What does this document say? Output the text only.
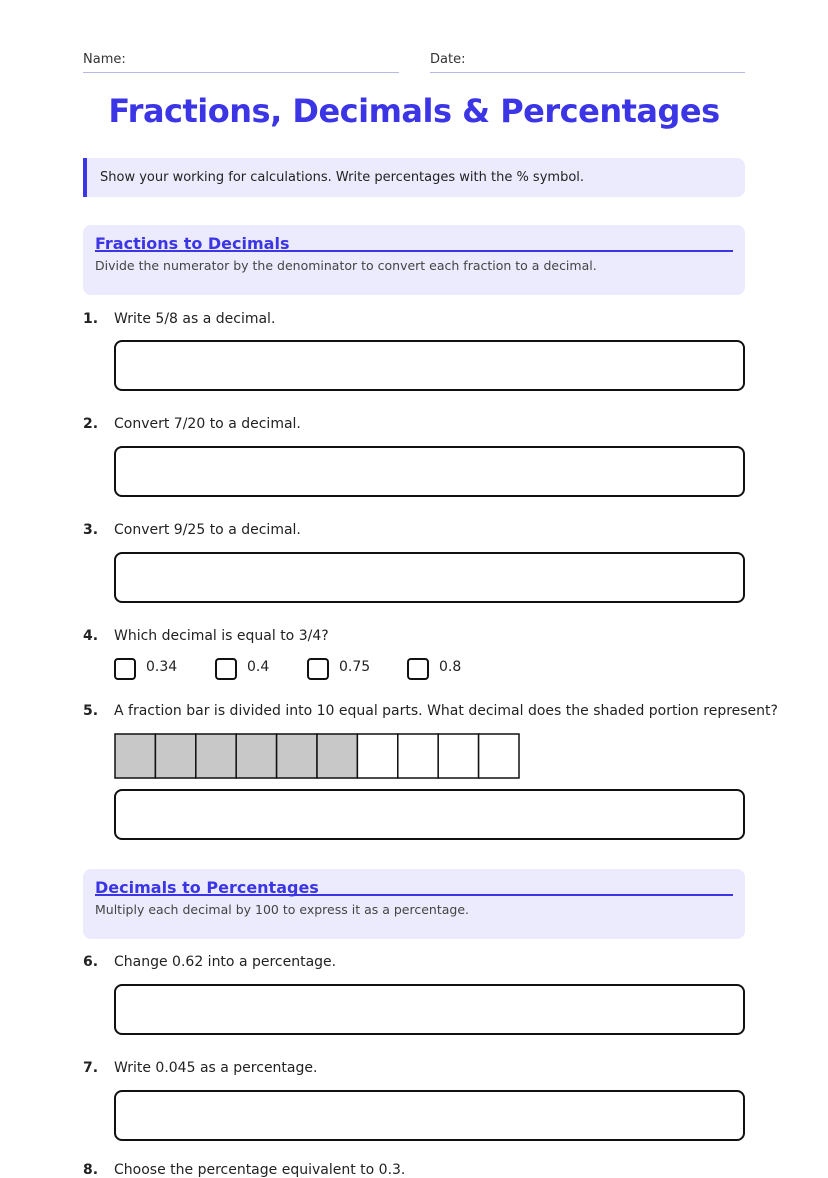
Name:	Date:
Fractions, Decimals & Percentages
Show your working for calculations. Write percentages with the % symbol.
Fractions to Decimals
Divide the numerator by the denominator to convert each fraction to a decimal.
1. Write 5/8 as a decimal.
2. Convert 7/20 to a decimal.
3. Convert 9/25 to a decimal.
4. Which decimal is equal to 3/4?
0.34	0.4	0.75	0.8
5. A fraction bar is divided into 10 equal parts. What decimal does the shaded portion represent?
Decimals to Percentages
Multiply each decimal by 100 to express it as a percentage.
6. Change 0.62 into a percentage.
7. Write 0.045 as a percentage.
8. Choose the percentage equivalent to 0.3.
